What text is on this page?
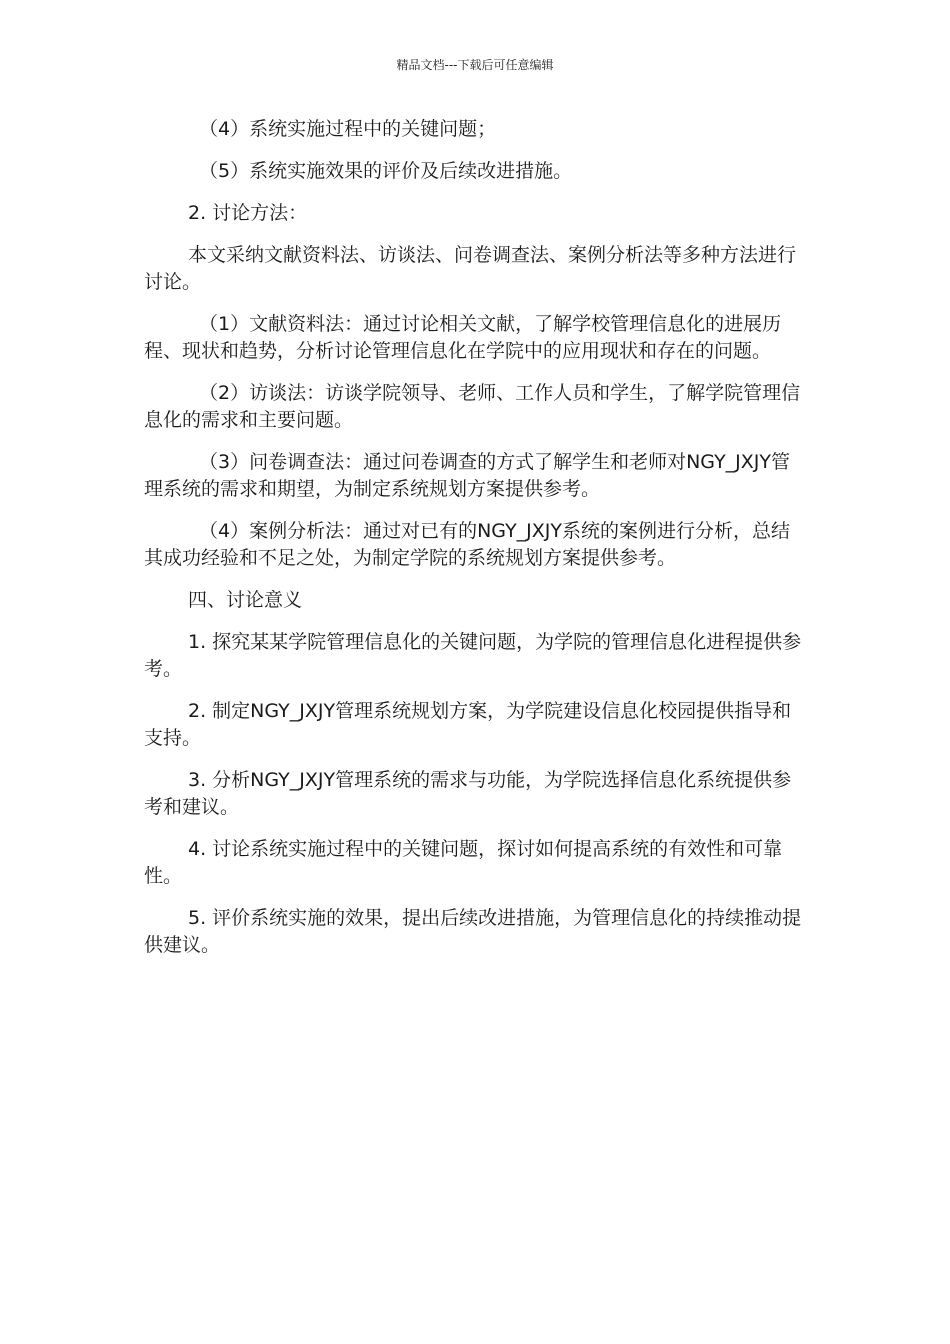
精品文档---下载后可任意编辑

（4）系统实施过程中的关键问题；

（5）系统实施效果的评价及后续改进措施。

2. 讨论方法：

本文采纳文献资料法、访谈法、问卷调查法、案例分析法等多种方法进行讨论。

（1）文献资料法：通过讨论相关文献，了解学校管理信息化的进展历程、现状和趋势，分析讨论管理信息化在学院中的应用现状和存在的问题。

（2）访谈法：访谈学院领导、老师、工作人员和学生，了解学院管理信息化的需求和主要问题。

（3）问卷调查法：通过问卷调查的方式了解学生和老师对NGY_JXJY管理系统的需求和期望，为制定系统规划方案提供参考。

（4）案例分析法：通过对已有的NGY_JXJY系统的案例进行分析，总结其成功经验和不足之处，为制定学院的系统规划方案提供参考。

四、讨论意义

1. 探究某某学院管理信息化的关键问题，为学院的管理信息化进程提供参考。

2. 制定NGY_JXJY管理系统规划方案，为学院建设信息化校园提供指导和支持。

3. 分析NGY_JXJY管理系统的需求与功能，为学院选择信息化系统提供参考和建议。

4. 讨论系统实施过程中的关键问题，探讨如何提高系统的有效性和可靠性。

5. 评价系统实施的效果，提出后续改进措施，为管理信息化的持续推动提供建议。
